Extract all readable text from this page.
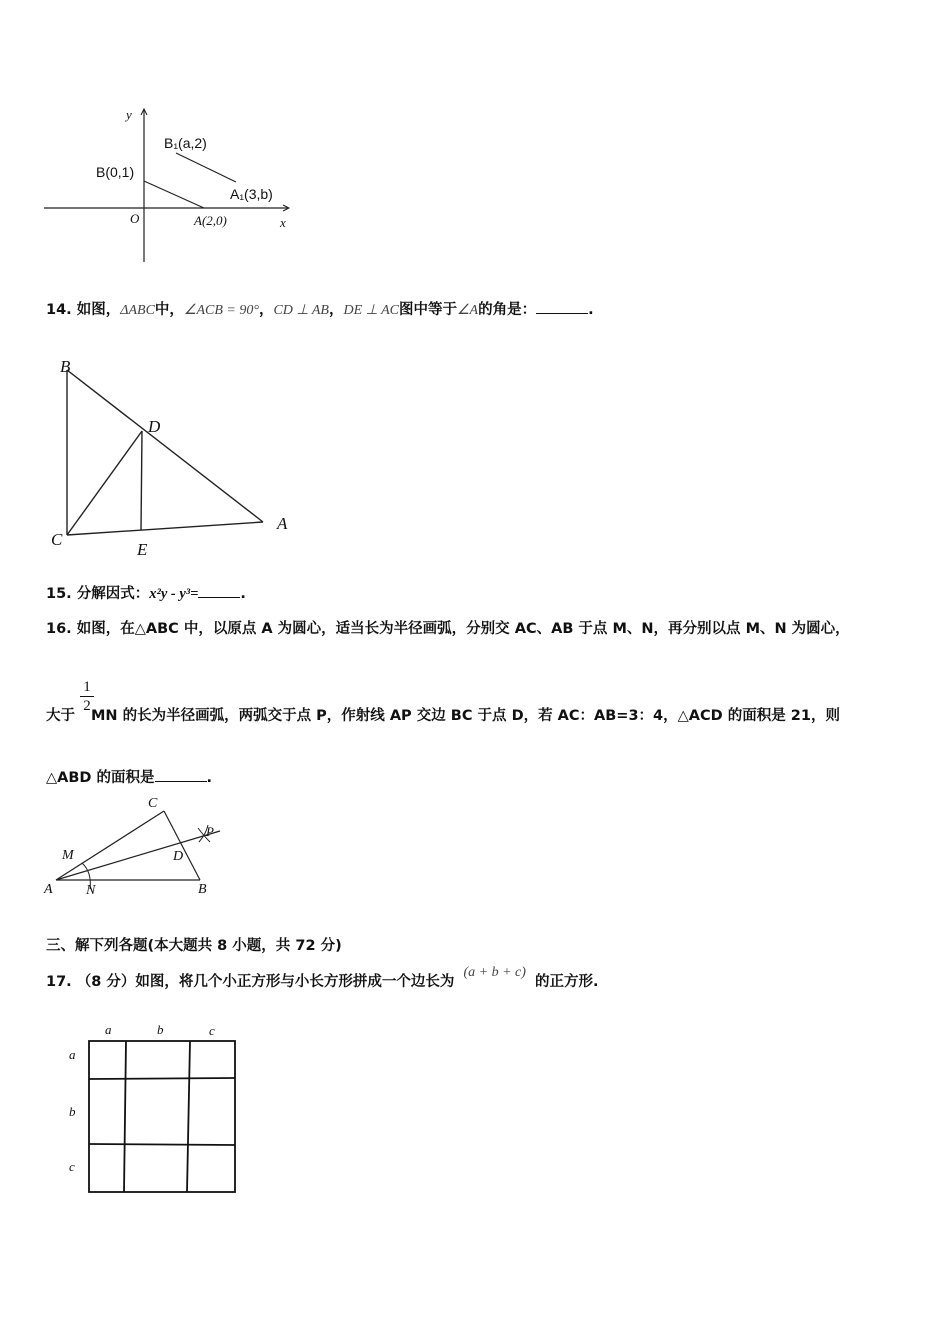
y
x
O
B(0,1)
A(2,0)
B₁(a,2)
A₁(3,b)
14. 如图，ΔABC中，∠ACB = 90°，CD ⊥ AB，DE ⊥ AC图中等于∠A的角是：	.
B
D
C
E
A
15. 分解因式：x²y - y³=	.
16. 如图，在△ABC 中，以原点 A 为圆心，适当长为半径画弧，分别交 AC、AB 于点 M、N，再分别以点 M、N 为圆心，
$\frac{1}{2}$
大于 MN 的长为半径画弧，两弧交于点 P，作射线 AP 交边 BC 于点 D，若 AC：AB=3：4，△ACD 的面积是 21，则
△ABD 的面积是	.
C
P
M	D
A N	B
三、解下列各题(本大题共 8 小题，共 72 分)
17. （8 分）如图，将几个小正方形与小长方形拼成一个边长为 (a + b + c) 的正方形.
a	b	c
a
b
c
